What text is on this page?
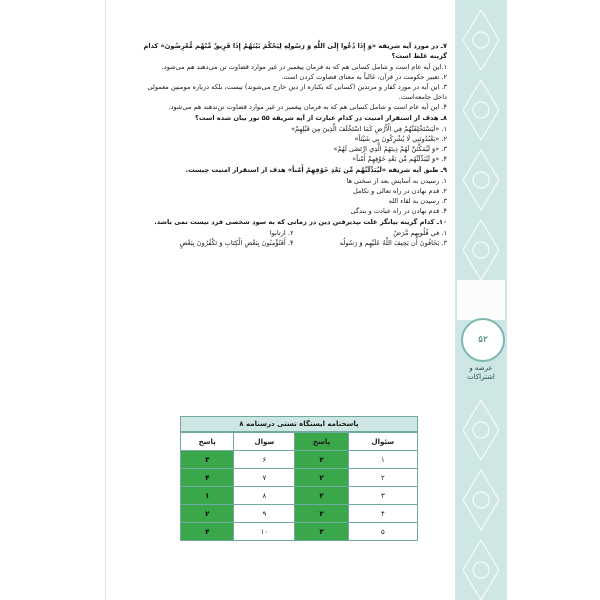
۵۲
عرضه و
اشتراکات

۷ـ در مورد آیه شریفه «وَ إِذَا دُعُوا إِلَى اللَّهِ وَ رَسُولِهِ لِيَحْكُمَ بَيْنَهُمْ إِذَا فَرِيقٌ مِّنْهُم مُّعْرِضُونَ» كدام گزينه غلط است؟

۱.این آیه عام است و شامل کسانی هم که به فرمان پیغمبر در غیر موارد قضاوت تن می‌دهند هم می‌شود.

۲. تعبیر حکومت در قرآن، غالباً به معنای قضاوت کردن است.

۳. این آیه در مورد کفار و مرتدین (کسانی که یکباره از دین خارج می‌شوند) نیست، بلکه درباره مومنین معمولی داخل جامعه‌است.

۴. این آیه عام است و شامل کسانی هم که به فرمان پیغمبر در غیر موارد قضاوت تن‌ندهند هم می‌شود.

۸ـ هدف از استقرار امنیت در کدام عبارت از آیه شریفه ۵۵ نور بیان شده است؟

۱. «لَيَسْتَخْلِفَنَّهُمْ فِي الْأَرْضِ كَمَا اسْتَخْلَفَ الَّذِينَ مِن قَبْلِهِمْ»

۲. «يَعْبُدُونَنِي لَا يُشْرِكُونَ بِي شَيْئاً»

۳. «وَ لَيُمَكِّنَنَّ لَهُمْ دِينَهُمُ الَّذِي ارْتَضَى لَهُمْ»

۴. «وَ لَيُبَدِّلَنَّهُم مِّن بَعْدِ خَوْفِهِمْ أَمْناً»

۹ـ طبق آیه شریفه «لَيُبَدِّلَنَّهُم مِّن بَعْدِ خَوْفِهِمْ أَمْناً» هدف از استقرار امنیت چیست.

۱. رسیدن به آسایش بعد از سختی ها

۲. قدم نهادن در راه تعالی و تکامل

۳. رسیدن به لقاء الله

۴. قدم نهادن در راه عبادت و بندگی

۱۰ـ کدام گزینه بیانگر علت نپذیرفتن دین در زمانی که به سود شخصی فرد نیست نمی باشد.

۱. في قُلُوبِهِم مَّرَضٌ
۲. ارتابوا
۳. يَخَافُونَ أَن يَحِيفَ اللَّهُ عَلَيْهِم وَ رَسُولُه
۴. أَفَتُؤْمِنُونَ بِبَعْضِ الْكِتَابِ وَ تَكْفُرُونَ بِبَعْضٍ
پاسخنامه ایستگاه تستی درسنامه ۸
سئوال	پاسخ	سوال	پاسخ
۱	۲	۶	۳
۲	۲	۷	۴
۳	۲	۸	۱
۴	۲	۹	۲
۵	۳	۱۰	۴
